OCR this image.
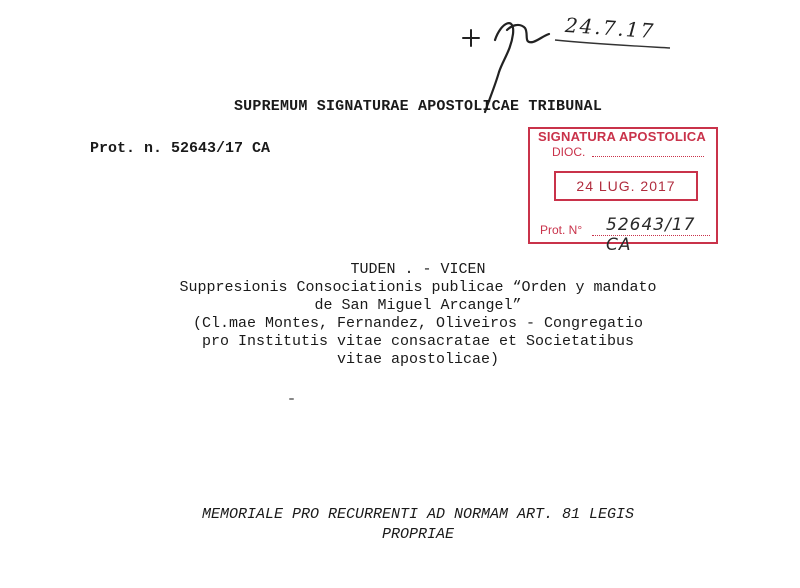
24.7.17
SUPREMUM SIGNATURAE APOSTOLICAE TRIBUNAL
Prot. n. 52643/17 CA
SIGNATURA APOSTOLICA
DIOC.
24 LUG. 2017
Prot. N° 52643/17 CA
TUDEN . - VICEN
Suppresionis Consociationis publicae “Orden y mandato
de San Miguel Arcangel”
(Cl.mae Montes, Fernandez, Oliveiros - Congregatio
pro Institutis vitae consacratae et Societatibus
vitae apostolicae)
MEMORIALE PRO RECURRENTI AD NORMAM ART. 81 LEGIS
PROPRIAE
